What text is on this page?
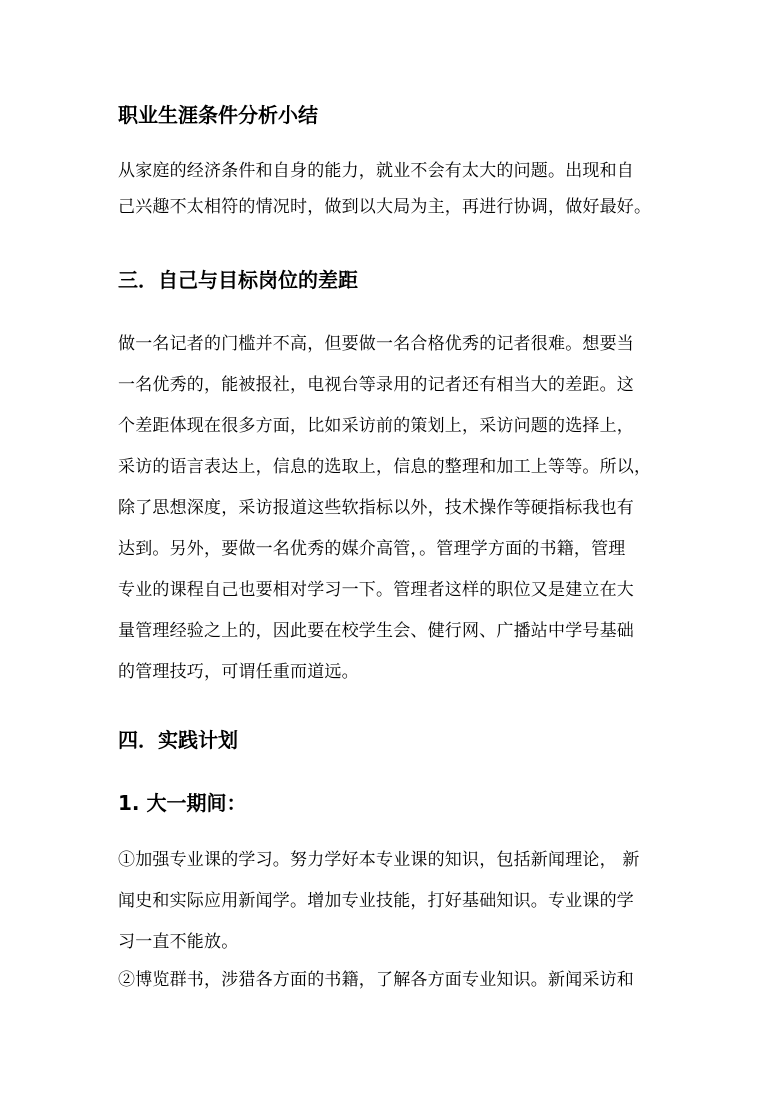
职业生涯条件分析小结
从家庭的经济条件和自身的能力，就业不会有太大的问题。出现和自
己兴趣不太相符的情况时，做到以大局为主，再进行协调，做好最好。
三．自己与目标岗位的差距
做一名记者的门槛并不高，但要做一名合格优秀的记者很难。想要当
一名优秀的，能被报社，电视台等录用的记者还有相当大的差距。这
个差距体现在很多方面，比如采访前的策划上，采访问题的选择上，
采访的语言表达上，信息的选取上，信息的整理和加工上等等。所以，
除了思想深度，采访报道这些软指标以外，技术操作等硬指标我也有
达到。另外，要做一名优秀的媒介高管，。管理学方面的书籍，管理
专业的课程自己也要相对学习一下。管理者这样的职位又是建立在大
量管理经验之上的，因此要在校学生会、健行网、广播站中学号基础
的管理技巧，可谓任重而道远。
四．实践计划
1. 大一期间：
①加强专业课的学习。努力学好本专业课的知识，包括新闻理论， 新
闻史和实际应用新闻学。增加专业技能，打好基础知识。专业课的学
习一直不能放。
②博览群书，涉猎各方面的书籍，了解各方面专业知识。新闻采访和
